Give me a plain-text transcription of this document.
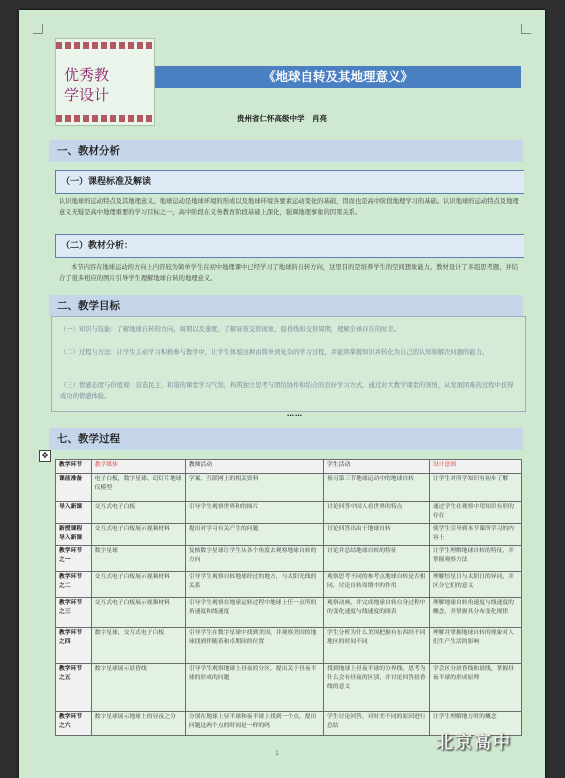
优秀教
学设计
《地球自转及其地理意义》
贵州省仁怀高级中学　肖亮
一、教材分析
（一）课程标准及解读
认识地球的运动特点及其地理意义。地球运动是地球环境的形成以及地球环境各要素运动变化的基础，因而也是高中阶段地理学习的基础。认识地球的运动特点及地理意义无疑是高中地理重要的学习目标之一，高中阶段在义务教育阶段基础上深化，强调地理事象的因果关系。
（二）教材分析：
本节内容在地球运动的方向上内容较为简单学生在初中地理课中已经学习了地球的自转方向，这里目的是培养学生的空间想象能力。教材设计了多组思考题，并结合了很多相应的图片引导学生理解地球自转的地理意义。
二、教学目标

（一）知识与技能：了解地球自转的方向，周期以及速度，了解昼夜交替现象，晨昏线和交替周期，理解全球存在的时差。

（二）过程与方法：让学生主动学习积极参与教学中，让学生体验这种由简单到复杂的学习过程，并能将掌握知识并转化为自己的认知和解决问题的能力。

（三）情感态度与价值观：营造民主、和谐的课堂学习气氛，构筑独立思考与团结协作和结合的良好学习方式，通过对大教学课堂的领悟，从发展困难的过程中获得成功的情感体验。

……
七、教学过程
✥
教学环节	教学媒体	教师活动	学生活动	设计意图
课前准备	电子白板，数字星球、幻灯片地球仪模型	学案，互联网上的相关资料	预习第三节地球运动中的地球自转	让学生对所学知识有初步了解
导入新课	交互式电子白板	引导学生观察世界和的图片	讨论回答中国人看世界的特点	通过学生在观察中用知识有形的存在
新授课程导入新课	交互式电子白板展示视频材料	提出对学习有关产生的问题	讨论回答出由于地球自转	使学生引导到本节课所学习的内容上
教学环节之一	数字星球	复核数字星球让学生从各个角度去观察地球自转的方向	讨论并总结地球自转的特征	让学生理解地球自转的特征，并掌握观察方法
教学环节之二	交互式电子白板展示视频材料	引导学生观察自转地球经过的地方，与太阳光线的关系	观察思考不同的参考点地球自转是否相同，讨论自转周期中的作用	理解恒星日与太阳日的异同，并区分它们的意义
教学环节之三	交互式电子白板展示视频材料	引导学生观察在地球运转过程中地球上任一点所的角速度和线速度	观察动画，并完成地球自转自身过程中的变化速度与线速度的图表	理解地球自转角速度与线速度的概念，并掌握其分布变化规律
教学环节之四	数字星球，交互式电子白板	引导学生在数字星球中找到美国，并观察美国的地球找到伴随着和卓期间的位置	学生分析为什么美国把握有东西经不同地区的时间不同	理解并掌握地球自转的现象对人们生产生活的影响
教学环节之五	数字星球展示晨昏线	引导学生观察地球上昼夜的分区，提出关于昼夜半球的形成的问题	找到地球上昼夜半球的分界线，思考为什么会有昼夜的区别，并讨论回答晨昏线的意义	学会区分晨昏线和晨线，掌握昼夜半球的形成原理
教学环节之六	数字星球展示地球上的昼夜之分	分别在地球上昼半球和夜半球上找到一个点，提出问题这两个点的时间是一样的吗	学生讨论回答，对时差不同的原因进行总结	让学生理解地方时的概念
1
北京高中
